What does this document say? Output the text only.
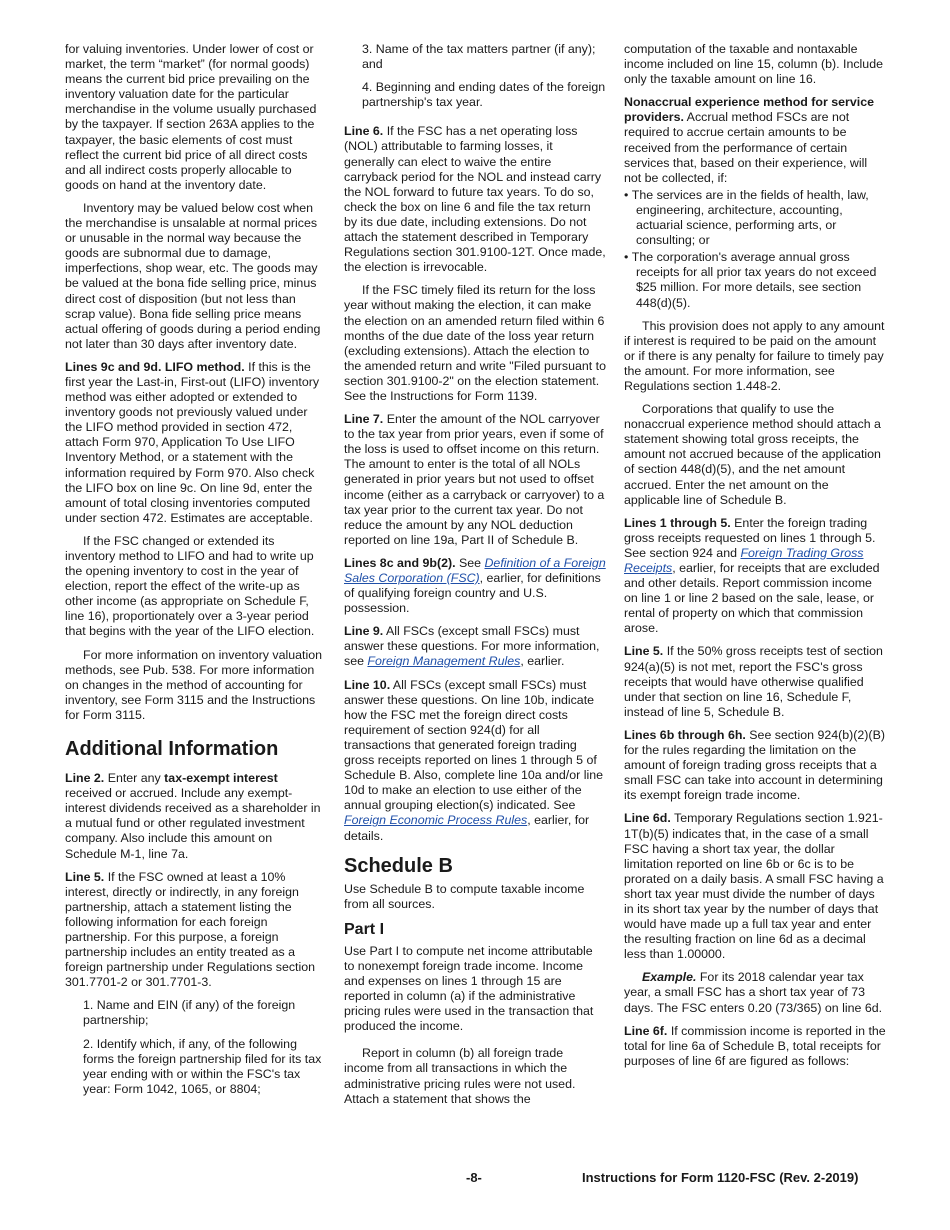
for valuing inventories. Under lower of cost or market, the term “market” (for normal goods) means the current bid price prevailing on the inventory valuation date for the particular merchandise in the volume usually purchased by the taxpayer. If section 263A applies to the taxpayer, the basic elements of cost must reflect the current bid price of all direct costs and all indirect costs properly allocable to goods on hand at the inventory date.

Inventory may be valued below cost when the merchandise is unsalable at normal prices or unusable in the normal way because the goods are subnormal due to damage, imperfections, shop wear, etc. The goods may be valued at the bona fide selling price, minus direct cost of disposition (but not less than scrap value). Bona fide selling price means actual offering of goods during a period ending not later than 30 days after inventory date.

Lines 9c and 9d. LIFO method. If this is the first year the Last-in, First-out (LIFO) inventory method was either adopted or extended to inventory goods not previously valued under the LIFO method provided in section 472, attach Form 970, Application To Use LIFO Inventory Method, or a statement with the information required by Form 970. Also check the LIFO box on line 9c. On line 9d, enter the amount of total closing inventories computed under section 472. Estimates are acceptable.

If the FSC changed or extended its inventory method to LIFO and had to write up the opening inventory to cost in the year of election, report the effect of the write-up as other income (as appropriate on Schedule F, line 16), proportionately over a 3-year period that begins with the year of the LIFO election.

For more information on inventory valuation methods, see Pub. 538. For more information on changes in the method of accounting for inventory, see Form 3115 and the Instructions for Form 3115.

Additional Information

Line 2. Enter any tax-exempt interest received or accrued. Include any exempt-interest dividends received as a shareholder in a mutual fund or other regulated investment company. Also include this amount on Schedule M-1, line 7a.

Line 5. If the FSC owned at least a 10% interest, directly or indirectly, in any foreign partnership, attach a statement listing the following information for each foreign partnership. For this purpose, a foreign partnership includes an entity treated as a foreign partnership under Regulations section 301.7701-2 or 301.7701-3.

1. Name and EIN (if any) of the foreign partnership;

2. Identify which, if any, of the following forms the foreign partnership filed for its tax year ending with or within the FSC's tax year: Form 1042, 1065, or 8804;

3. Name of the tax matters partner (if any); and

4. Beginning and ending dates of the foreign partnership's tax year.

Line 6. If the FSC has a net operating loss (NOL) attributable to farming losses, it generally can elect to waive the entire carryback period for the NOL and instead carry the NOL forward to future tax years. To do so, check the box on line 6 and file the tax return by its due date, including extensions. Do not attach the statement described in Temporary Regulations section 301.9100-12T. Once made, the election is irrevocable.

If the FSC timely filed its return for the loss year without making the election, it can make the election on an amended return filed within 6 months of the due date of the loss year return (excluding extensions). Attach the election to the amended return and write "Filed pursuant to section 301.9100-2" on the election statement. See the Instructions for Form 1139.

Line 7. Enter the amount of the NOL carryover to the tax year from prior years, even if some of the loss is used to offset income on this return. The amount to enter is the total of all NOLs generated in prior years but not used to offset income (either as a carryback or carryover) to a tax year prior to the current tax year. Do not reduce the amount by any NOL deduction reported on line 19a, Part II of Schedule B.

Lines 8c and 9b(2). See Definition of a Foreign Sales Corporation (FSC), earlier, for definitions of qualifying foreign country and U.S. possession.

Line 9. All FSCs (except small FSCs) must answer these questions. For more information, see Foreign Management Rules, earlier.

Line 10. All FSCs (except small FSCs) must answer these questions. On line 10b, indicate how the FSC met the foreign direct costs requirement of section 924(d) for all transactions that generated foreign trading gross receipts reported on lines 1 through 5 of Schedule B. Also, complete line 10a and/or line 10d to make an election to use either of the annual grouping election(s) indicated. See Foreign Economic Process Rules, earlier, for details.

Schedule B

Use Schedule B to compute taxable income from all sources.

Part I

Use Part I to compute net income attributable to nonexempt foreign trade income. Income and expenses on lines 1 through 15 are reported in column (a) if the administrative pricing rules were used in the transaction that produced the income.

Report in column (b) all foreign trade income from all transactions in which the administrative pricing rules were not used. Attach a statement that shows the

computation of the taxable and nontaxable income included on line 15, column (b). Include only the taxable amount on line 16.

Nonaccrual experience method for service providers. Accrual method FSCs are not required to accrue certain amounts to be received from the performance of certain services that, based on their experience, will not be collected, if:

• The services are in the fields of health, law, engineering, architecture, accounting, actuarial science, performing arts, or consulting; or

• The corporation's average annual gross receipts for all prior tax years do not exceed $25 million. For more details, see section 448(d)(5).

This provision does not apply to any amount if interest is required to be paid on the amount or if there is any penalty for failure to timely pay the amount. For more information, see Regulations section 1.448-2.

Corporations that qualify to use the nonaccrual experience method should attach a statement showing total gross receipts, the amount not accrued because of the application of section 448(d)(5), and the net amount accrued. Enter the net amount on the applicable line of Schedule B.

Lines 1 through 5. Enter the foreign trading gross receipts requested on lines 1 through 5. See section 924 and Foreign Trading Gross Receipts, earlier, for receipts that are excluded and other details. Report commission income on line 1 or line 2 based on the sale, lease, or rental of property on which that commission arose.

Line 5. If the 50% gross receipts test of section 924(a)(5) is not met, report the FSC's gross receipts that would have otherwise qualified under that section on line 16, Schedule F, instead of line 5, Schedule B.

Lines 6b through 6h. See section 924(b)(2)(B) for the rules regarding the limitation on the amount of foreign trading gross receipts that a small FSC can take into account in determining its exempt foreign trade income.

Line 6d. Temporary Regulations section 1.921-1T(b)(5) indicates that, in the case of a small FSC having a short tax year, the dollar limitation reported on line 6b or 6c is to be prorated on a daily basis. A small FSC having a short tax year must divide the number of days in its short tax year by the number of days that would have made up a full tax year and enter the resulting fraction on line 6d as a decimal less than 1.00000.

Example. For its 2018 calendar year tax year, a small FSC has a short tax year of 73 days. The FSC enters 0.20 (73/365) on line 6d.

Line 6f. If commission income is reported in the total for line 6a of Schedule B, total receipts for purposes of line 6f are figured as follows:

-8-	Instructions for Form 1120-FSC (Rev. 2-2019)
